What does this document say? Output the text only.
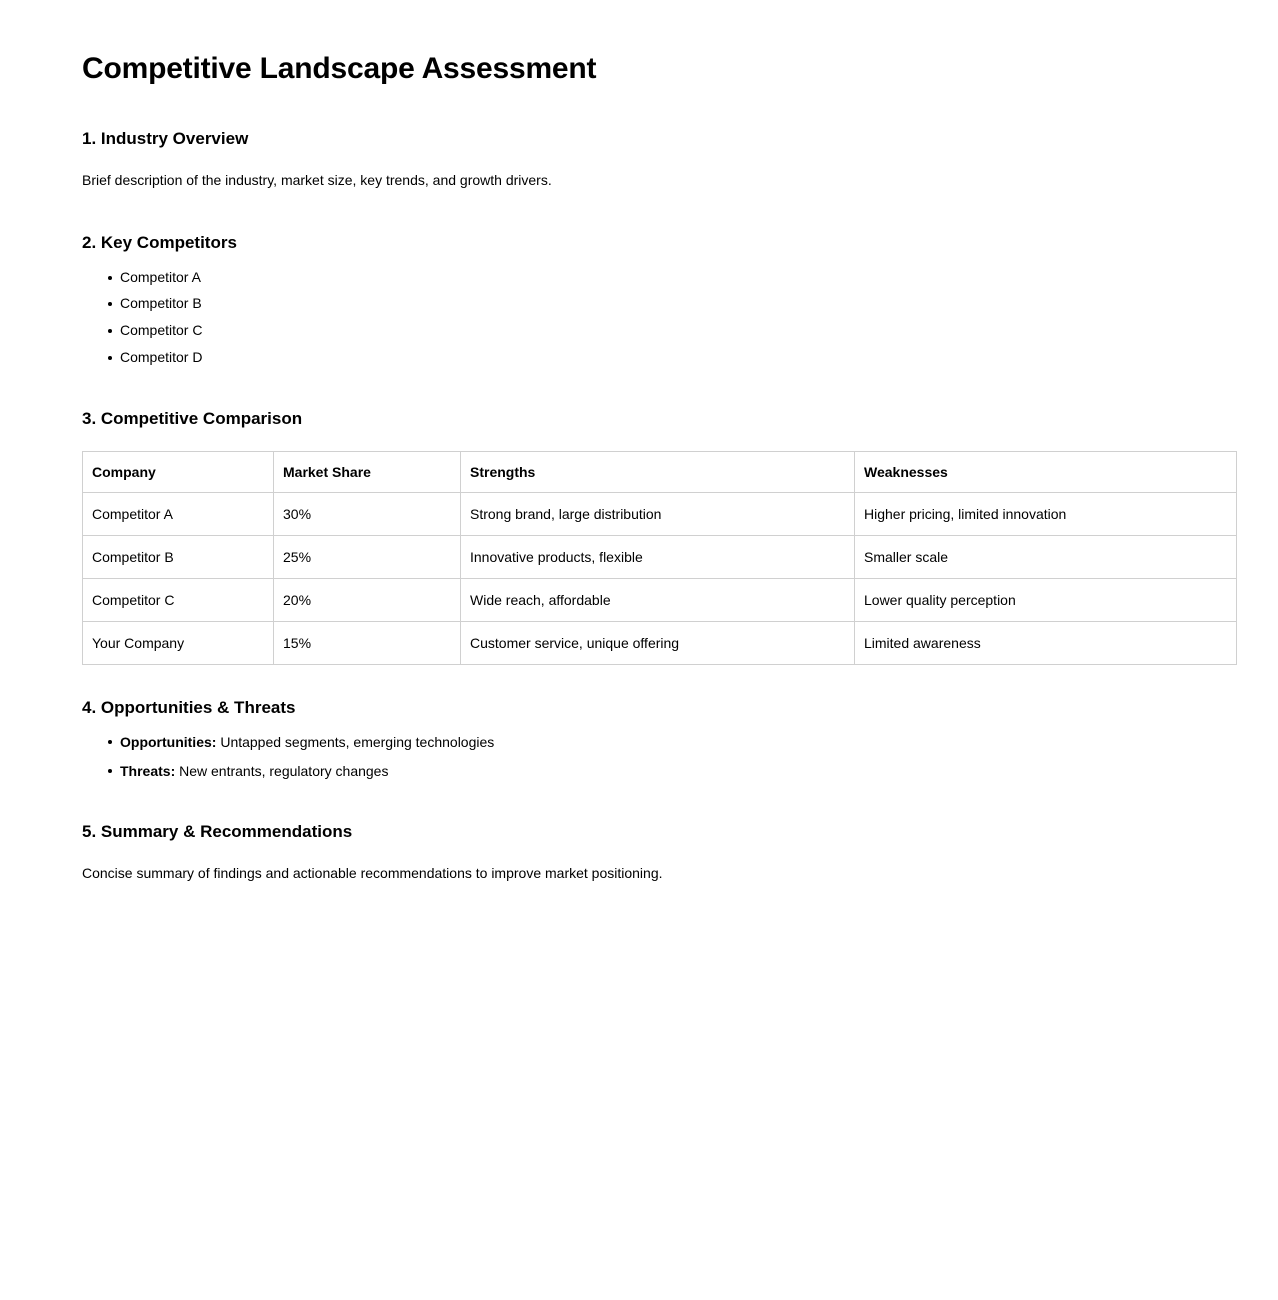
Competitive Landscape Assessment
1. Industry Overview

Brief description of the industry, market size, key trends, and growth drivers.

2. Key Competitors
Competitor A
Competitor B
Competitor C
Competitor D
3. Competitive Comparison
Company	Market Share	Strengths	Weaknesses
Competitor A	30%	Strong brand, large distribution	Higher pricing, limited innovation
Competitor B	25%	Innovative products, flexible	Smaller scale
Competitor C	20%	Wide reach, affordable	Lower quality perception
Your Company	15%	Customer service, unique offering	Limited awareness
4. Opportunities & Threats
Opportunities: Untapped segments, emerging technologies
Threats: New entrants, regulatory changes
5. Summary & Recommendations

Concise summary of findings and actionable recommendations to improve market positioning.
